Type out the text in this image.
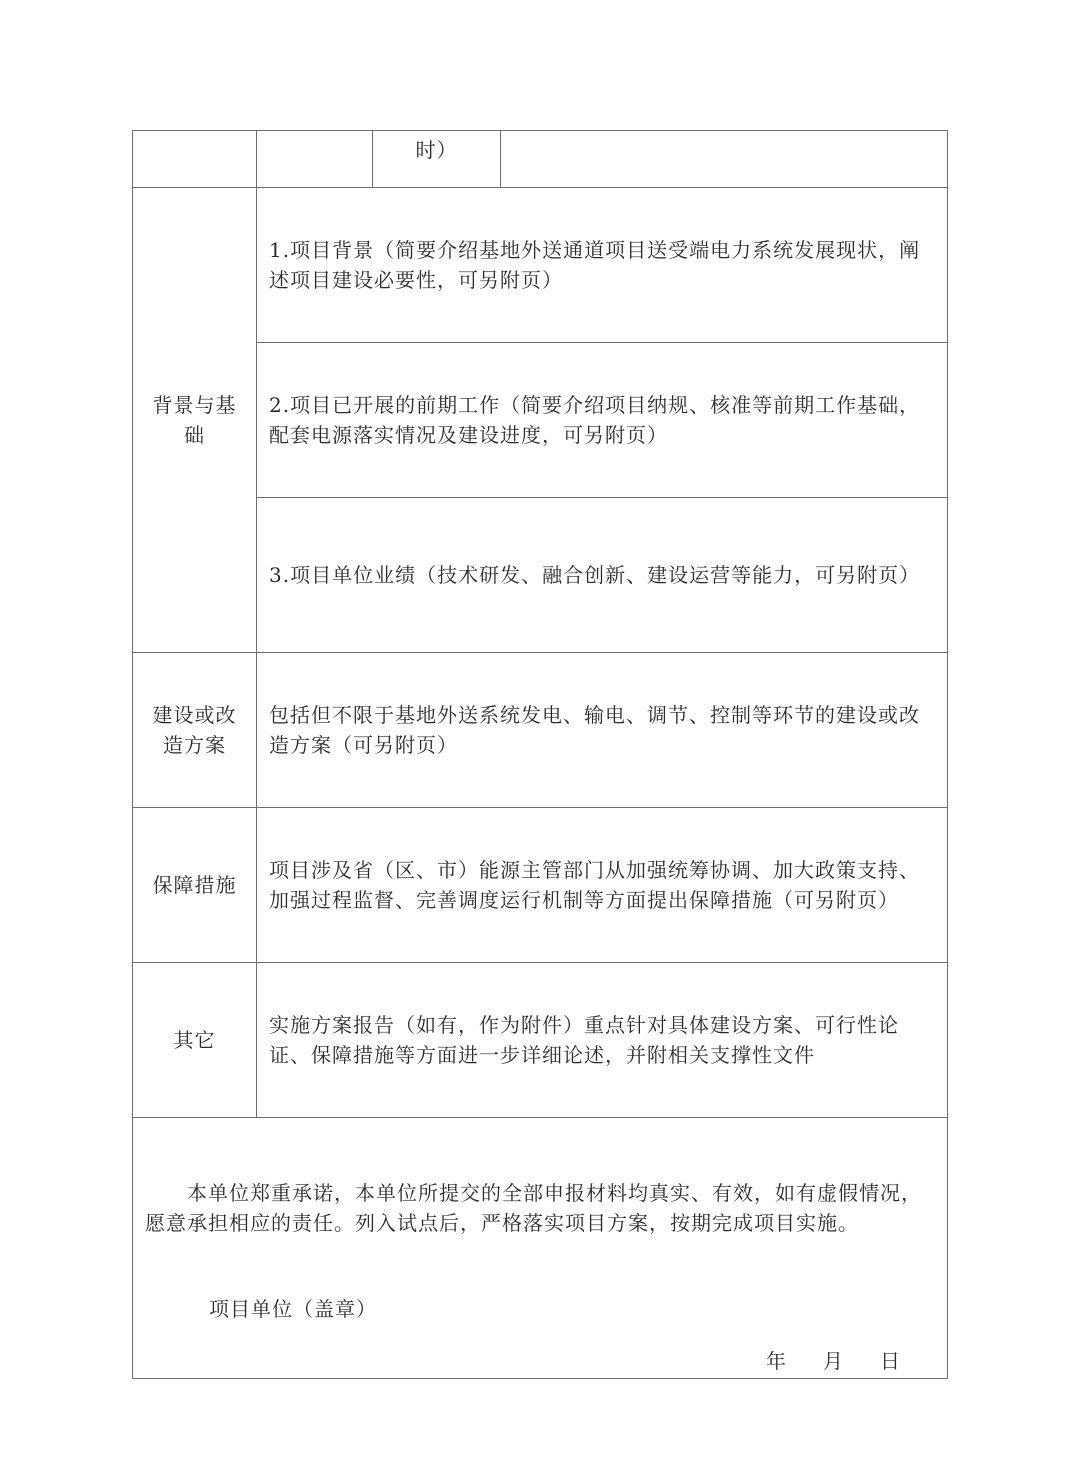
		时）	
背景与基础	1.项目背景（简要介绍基地外送通道项目送受端电力系统发展现状，阐述项目建设必要性，可另附页）		
	2.项目已开展的前期工作（简要介绍项目纳规、核准等前期工作基础，配套电源落实情况及建设进度，可另附页）		
	3.项目单位业绩（技术研发、融合创新、建设运营等能力，可另附页）		
建设或改造方案	包括但不限于基地外送系统发电、输电、调节、控制等环节的建设或改造方案（可另附页）		
保障措施	项目涉及省（区、市）能源主管部门从加强统筹协调、加大政策支持、加强过程监督、完善调度运行机制等方面提出保障措施（可另附页）		
其它	实施方案报告（如有，作为附件）重点针对具体建设方案、可行性论证、保障措施等方面进一步详细论述，并附相关支撑性文件		

本单位郑重承诺，本单位所提交的全部申报材料均真实、有效，如有虚假情况，愿意承担相应的责任。列入试点后，严格落实项目方案，按期完成项目实施。
项目单位（盖章）
年 月 日			
